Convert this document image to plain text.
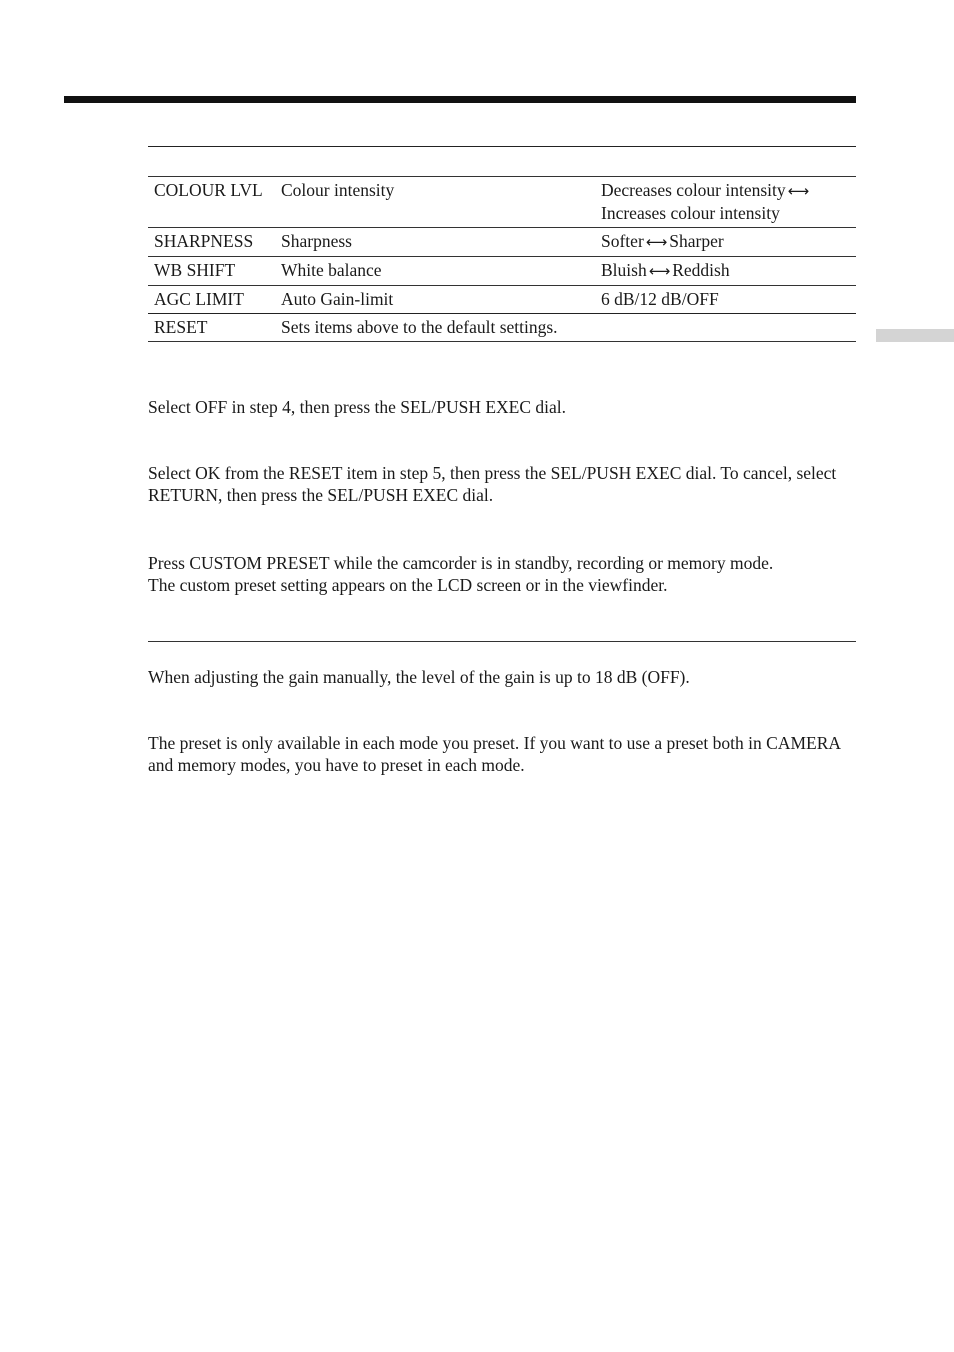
COLOUR LVL	Colour intensity	Decreases colour intensity ⟷
Increases colour intensity
SHARPNESS	Sharpness	Softer ⟷ Sharper
WB SHIFT	White balance	Bluish ⟷ Reddish
AGC LIMIT	Auto Gain-limit	6 dB/12 dB/OFF
RESET	Sets items above to the default settings.	

Select OFF in step 4, then press the SEL/PUSH EXEC dial.

Select OK from the RESET item in step 5, then press the SEL/PUSH EXEC dial. To cancel, select RETURN, then press the SEL/PUSH EXEC dial.

Press CUSTOM PRESET while the camcorder is in standby, recording or memory mode.
The custom preset setting appears on the LCD screen or in the viewfinder.

When adjusting the gain manually, the level of the gain is up to 18 dB (OFF).

The preset is only available in each mode you preset. If you want to use a preset both in CAMERA and memory modes, you have to preset in each mode.
